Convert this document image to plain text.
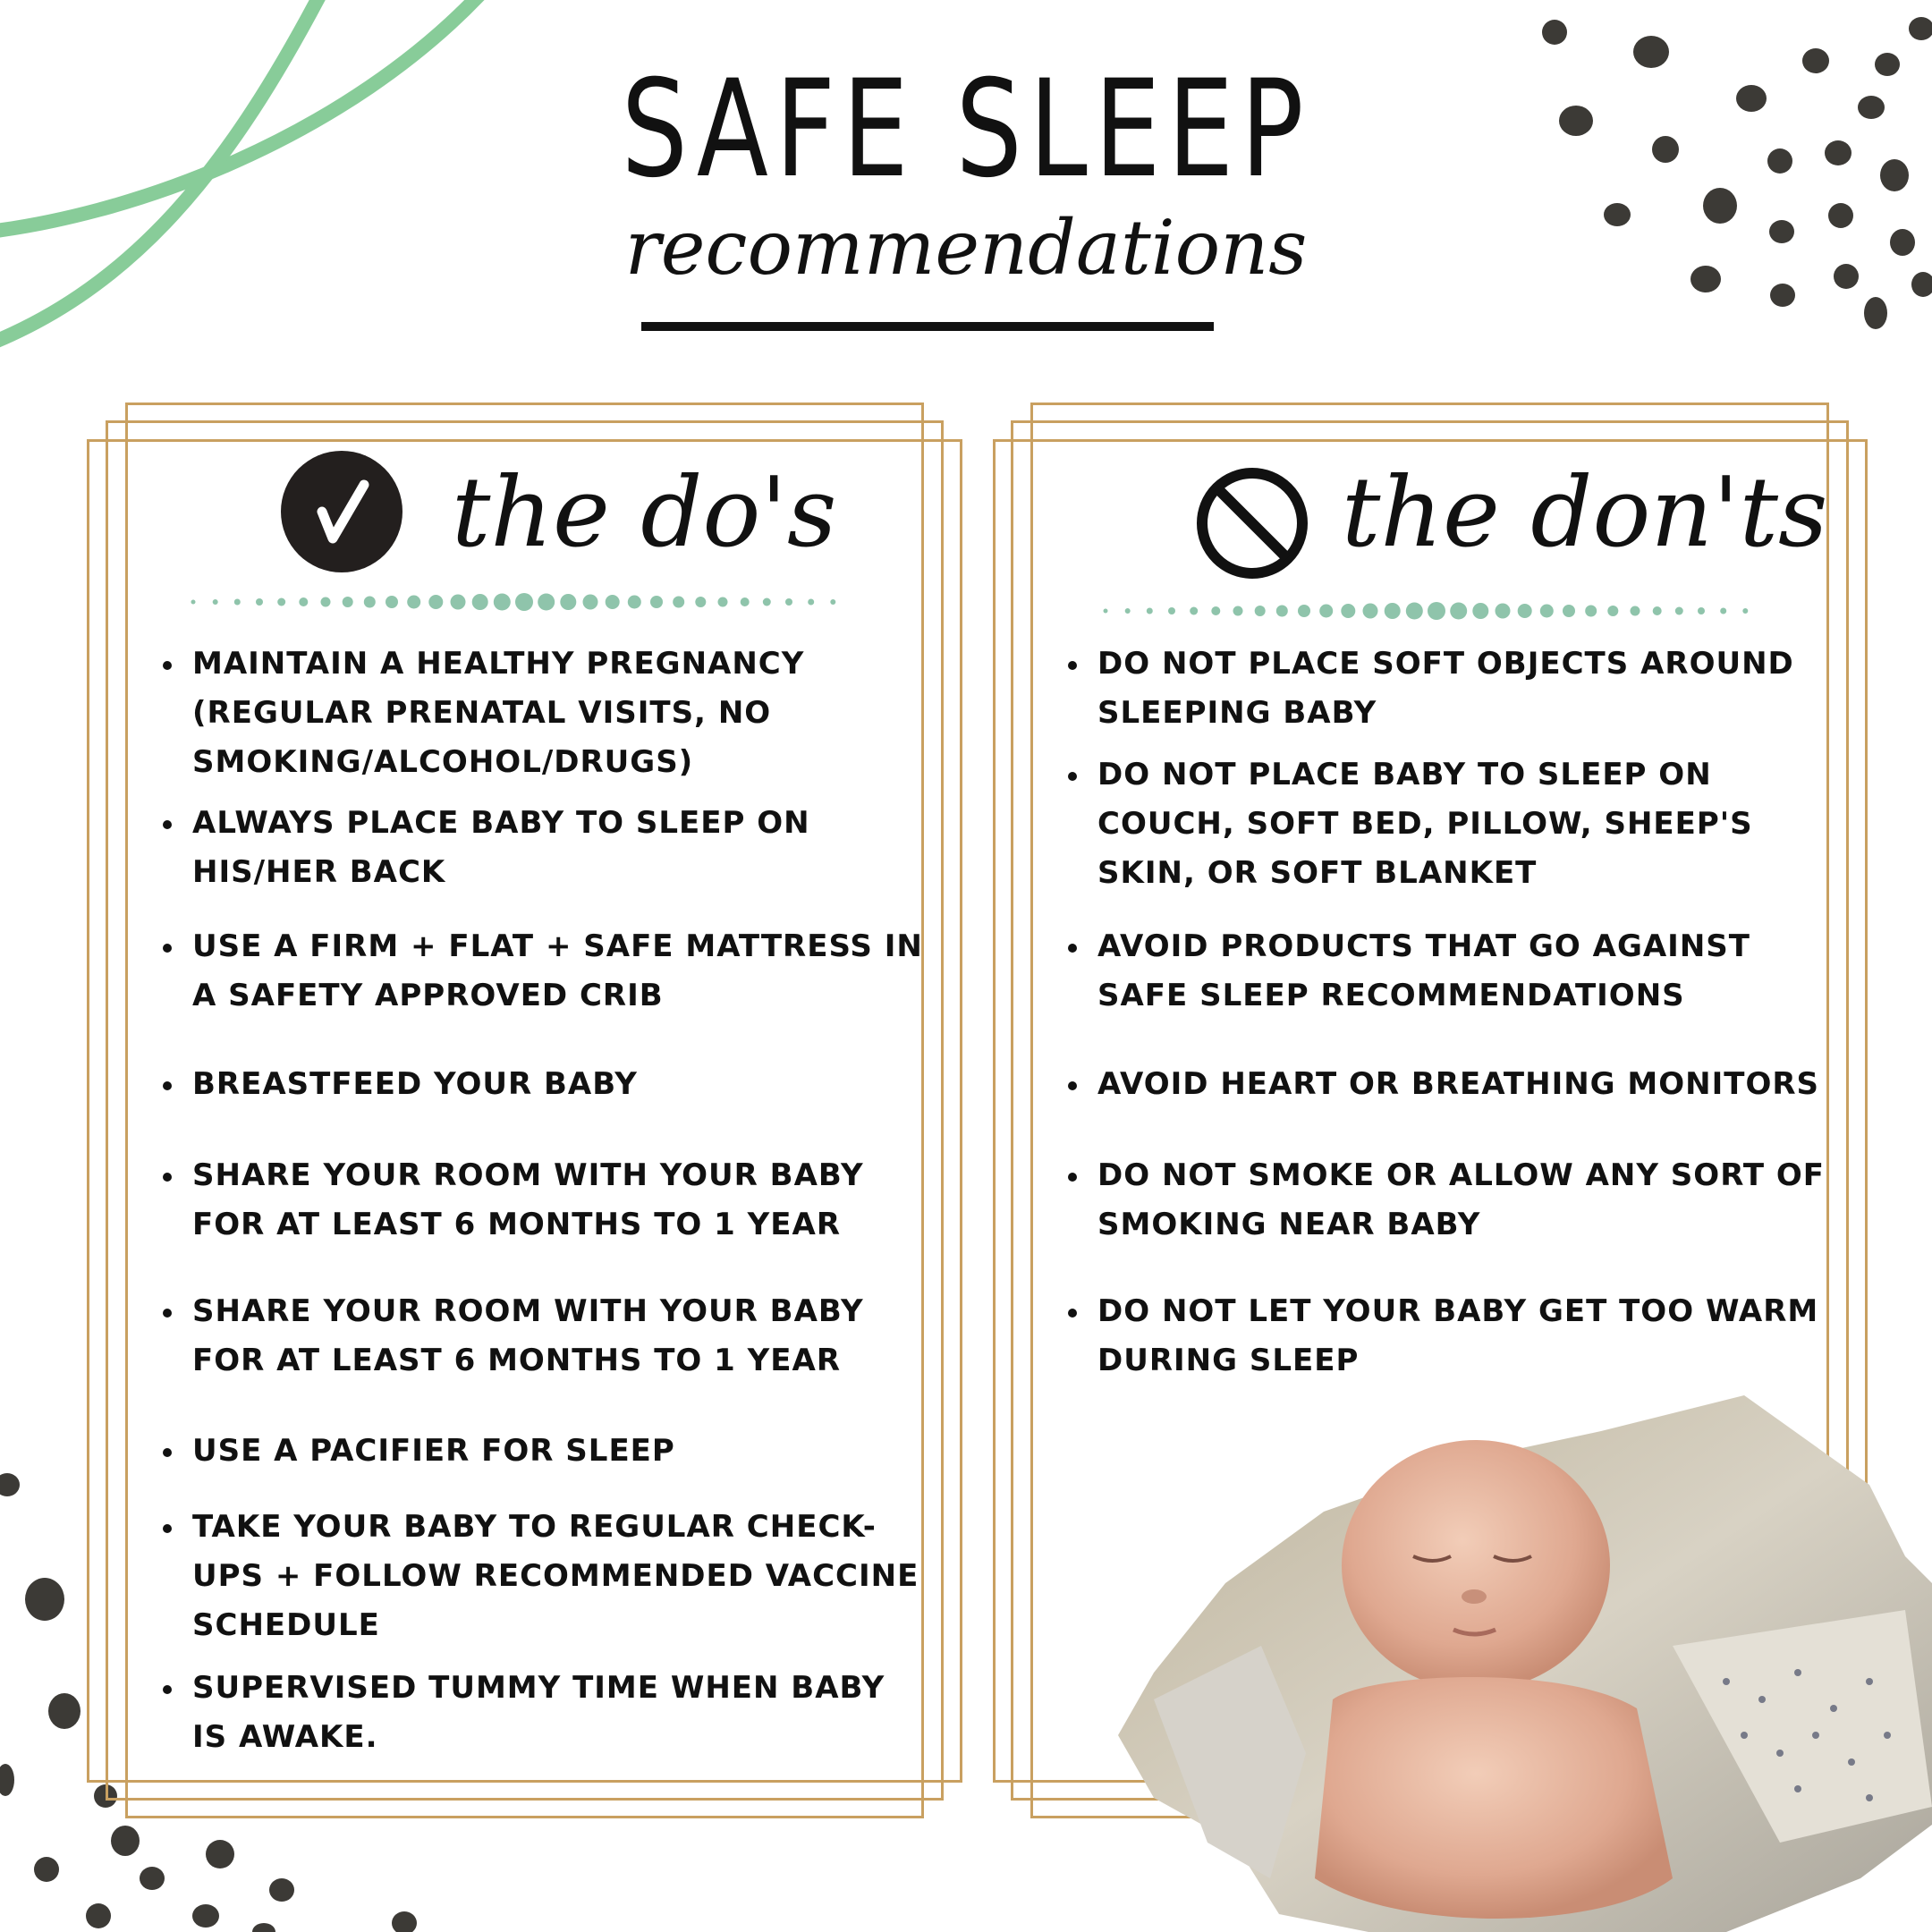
SAFE SLEEP
recommendations
the do's
MAINTAIN A HEALTHY PREGNANCY (REGULAR PRENATAL VISITS, NO SMOKING/ALCOHOL/DRUGS)
ALWAYS PLACE BABY TO SLEEP ON HIS/HER BACK
USE A FIRM + FLAT + SAFE MATTRESS IN A SAFETY APPROVED CRIB
BREASTFEED YOUR BABY
SHARE YOUR ROOM WITH YOUR BABY FOR AT LEAST 6 MONTHS TO 1 YEAR
SHARE YOUR ROOM WITH YOUR BABY FOR AT LEAST 6 MONTHS TO 1 YEAR
USE A PACIFIER FOR SLEEP
TAKE YOUR BABY TO REGULAR CHECK-UPS + FOLLOW RECOMMENDED VACCINE SCHEDULE
SUPERVISED TUMMY TIME WHEN BABY IS AWAKE.
the don'ts
DO NOT PLACE SOFT OBJECTS AROUND SLEEPING BABY
DO NOT PLACE BABY TO SLEEP ON COUCH, SOFT BED, PILLOW, SHEEP'S SKIN, OR SOFT BLANKET
AVOID PRODUCTS THAT GO AGAINST SAFE SLEEP RECOMMENDATIONS
AVOID HEART OR BREATHING MONITORS
DO NOT SMOKE OR ALLOW ANY SORT OF SMOKING NEAR BABY
DO NOT LET YOUR BABY GET TOO WARM DURING SLEEP
